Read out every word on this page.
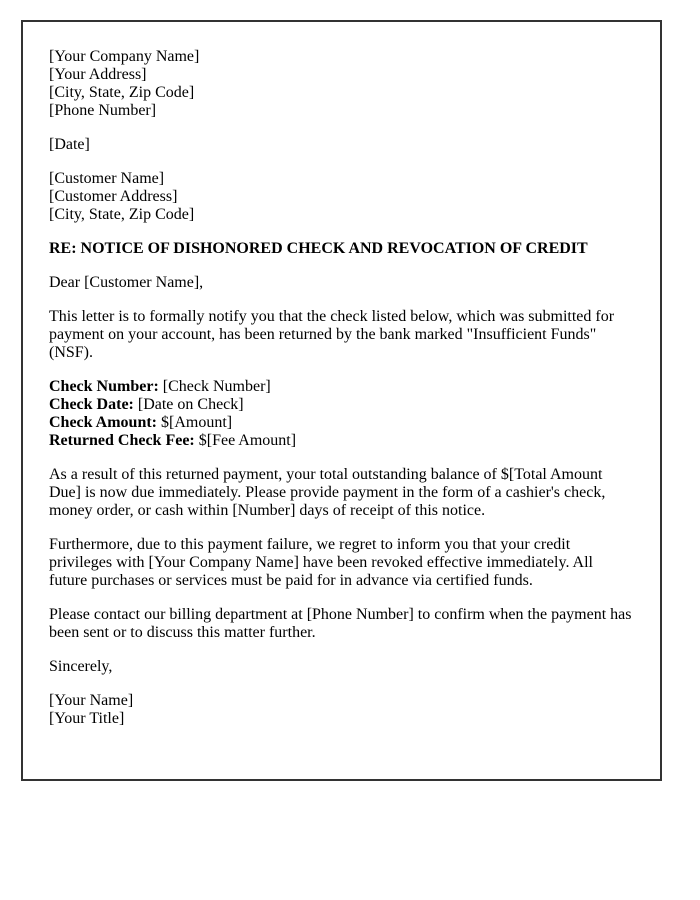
[Your Company Name]
[Your Address]
[City, State, Zip Code]
[Phone Number]

[Date]

[Customer Name]
[Customer Address]
[City, State, Zip Code]

RE: NOTICE OF DISHONORED CHECK AND REVOCATION OF CREDIT

Dear [Customer Name],

This letter is to formally notify you that the check listed below, which was submitted for payment on your account, has been returned by the bank marked "Insufficient Funds" (NSF).

Check Number: [Check Number]
Check Date: [Date on Check]
Check Amount: $[Amount]
Returned Check Fee: $[Fee Amount]

As a result of this returned payment, your total outstanding balance of $[Total Amount Due] is now due immediately. Please provide payment in the form of a cashier's check, money order, or cash within [Number] days of receipt of this notice.

Furthermore, due to this payment failure, we regret to inform you that your credit privileges with [Your Company Name] have been revoked effective immediately. All future purchases or services must be paid for in advance via certified funds.

Please contact our billing department at [Phone Number] to confirm when the payment has been sent or to discuss this matter further.

Sincerely,

[Your Name]
[Your Title]
